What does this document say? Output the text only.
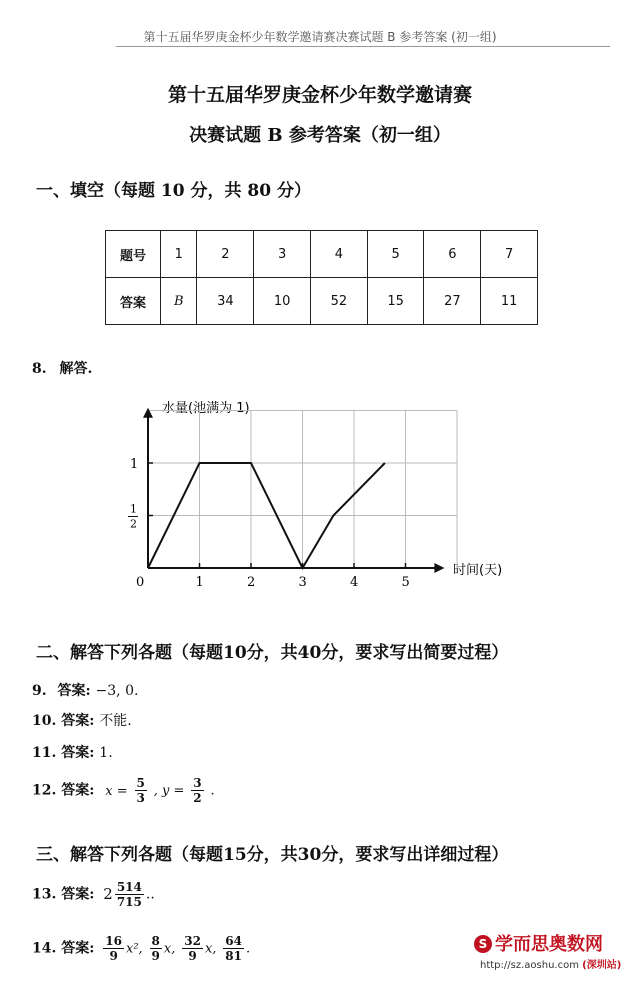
第十五届华罗庚金杯少年数学邀请赛决赛试题 B 参考答案 (初一组)
第十五届华罗庚金杯少年数学邀请赛
决赛试题 B 参考答案（初一组）
一、填空（每题 10 分，共 80 分）
题号	1	2	3	4	5	6	7
答案	B	34	10	52	15	27	11
8. 解答.
水量(池满为 1)
时间(天)
0	1	2	3	4	5
1
1
2
二、解答下列各题（每题10分，共40分，要求写出简要过程）
9. 答案: −3, 0.
10. 答案: 不能.
11. 答案: 1.
12. 答案: $x = \frac{5}{3}$ , $y = \frac{3}{2}$ .
三、解答下列各题（每题15分，共30分，要求写出详细过程）
13. 答案: $2 \frac{514}{715}$ ..
14. 答案: $\frac{16}{9} x^2$, $\frac{8}{9} x$, $\frac{32}{9} x$, $\frac{64}{81}$ .	S 学而思奥数网
http://sz.aoshu.com (深圳站)
